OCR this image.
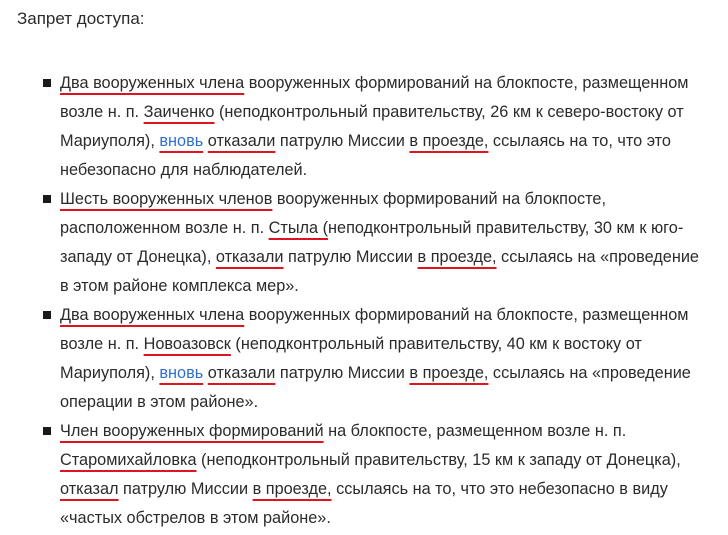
Запрет доступа:
Два вооруженных члена вооруженных формирований на блокпосте, размещенном возле н. п. Заиченко (неподконтрольный правительству, 26 км к северо-востоку от Мариуполя), вновь отказали патрулю Миссии в проезде, ссылаясь на то, что это небезопасно для наблюдателей.
Шесть вооруженных членов вооруженных формирований на блокпосте, расположенном возле н. п. Стыла (неподконтрольный правительству, 30 км к юго-западу от Донецка), отказали патрулю Миссии в проезде, ссылаясь на «проведение в этом районе комплекса мер».
Два вооруженных члена вооруженных формирований на блокпосте, размещенном возле н. п. Новоазовск (неподконтрольный правительству, 40 км к востоку от Мариуполя), вновь отказали патрулю Миссии в проезде, ссылаясь на «проведение операции в этом районе».
Член вооруженных формирований на блокпосте, размещенном возле н. п. Старомихайловка (неподконтрольный правительству, 15 км к западу от Донецка), отказал патрулю Миссии в проезде, ссылаясь на то, что это небезопасно в виду «частых обстрелов в этом районе».
